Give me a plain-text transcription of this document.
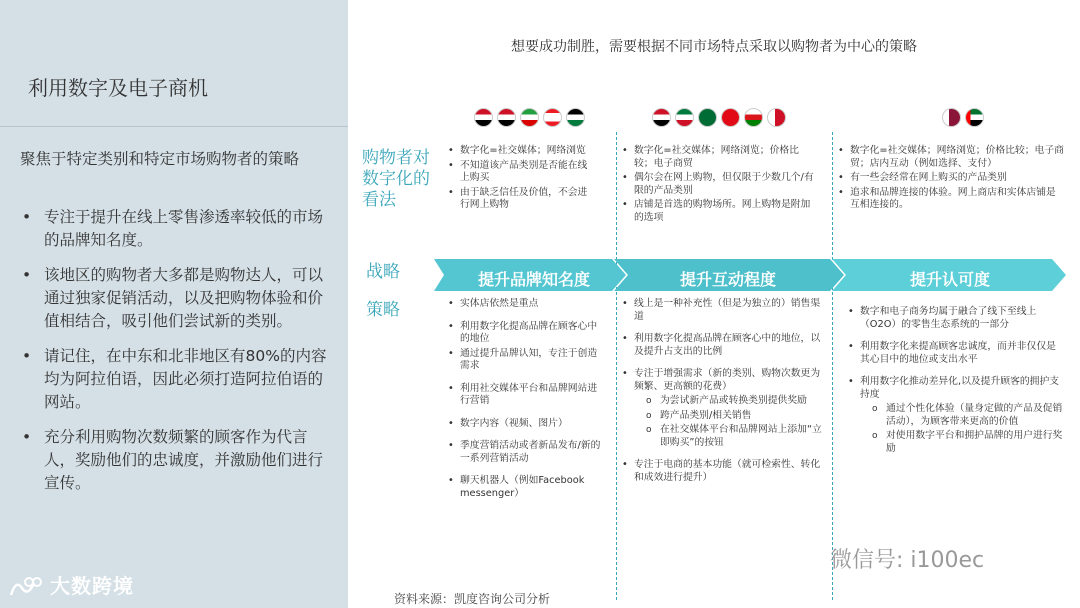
利用数字及电子商机
聚焦于特定类别和特定市场购物者的策略
• 专注于提升在线上零售渗透率较低的市场的品牌知名度。
• 该地区的购物者大多都是购物达人，可以通过独家促销活动，以及把购物体验和价值相结合，吸引他们尝试新的类别。
• 请记住，在中东和北非地区有80%的内容均为阿拉伯语，因此必须打造阿拉伯语的网站。
• 充分利用购物次数频繁的顾客作为代言人，奖励他们的忠诚度，并激励他们进行宣传。
大数跨境
想要成功制胜，需要根据不同市场特点采取以购物者为中心的策略
购物者对数字化的看法
战略
策略
• 数字化=社交媒体；网络浏览
• 不知道该产品类别是否能在线上购买
• 由于缺乏信任及价值，不会进行网上购物
• 数字化=社交媒体；网络浏览；价格比较；电子商贸
• 偶尔会在网上购物，但仅限于少数几个/有限的产品类别
• 店铺是首选的购物场所。网上购物是附加的选项
• 数字化=社交媒体；网络浏览；价格比较；电子商贸；店内互动（例如选择、支付）
• 有一些会经常在网上购买的产品类别
• 追求和品牌连接的体验。网上商店和实体店铺是互相连接的。
提升品牌知名度	提升互动程度	提升认可度
• 实体店依然是重点
• 利用数字化提高品牌在顾客心中的地位
• 通过提升品牌认知，专注于创造需求
• 利用社交媒体平台和品牌网站进行营销
• 数字内容（视频、图片）
• 季度营销活动或者新品发布/新的一系列营销活动
• 聊天机器人（例如Facebook messenger）
• 线上是一种补充性（但是为独立的）销售渠道
• 利用数字化提高品牌在顾客心中的地位，以及提升占支出的比例
• 专注于增强需求（新的类别、购物次数更为频繁、更高额的花费）
o 为尝试新产品或转换类别提供奖励
o 跨产品类别/相关销售
o 在社交媒体平台和品牌网站上添加“立即购买”的按钮
• 专注于电商的基本功能（就可检索性、转化和成效进行提升）
• 数字和电子商务均属于融合了线下至线上（O2O）的零售生态系统的一部分
• 利用数字化来提高顾客忠诚度，而并非仅仅是其心目中的地位或支出水平
• 利用数字化推动差异化,以及提升顾客的拥护支持度
o 通过个性化体验（量身定做的产品及促销活动），为顾客带来更高的价值
o 对使用数字平台和拥护品牌的用户进行奖励
资料来源：凯度咨询公司分析
微信号: i100ec
